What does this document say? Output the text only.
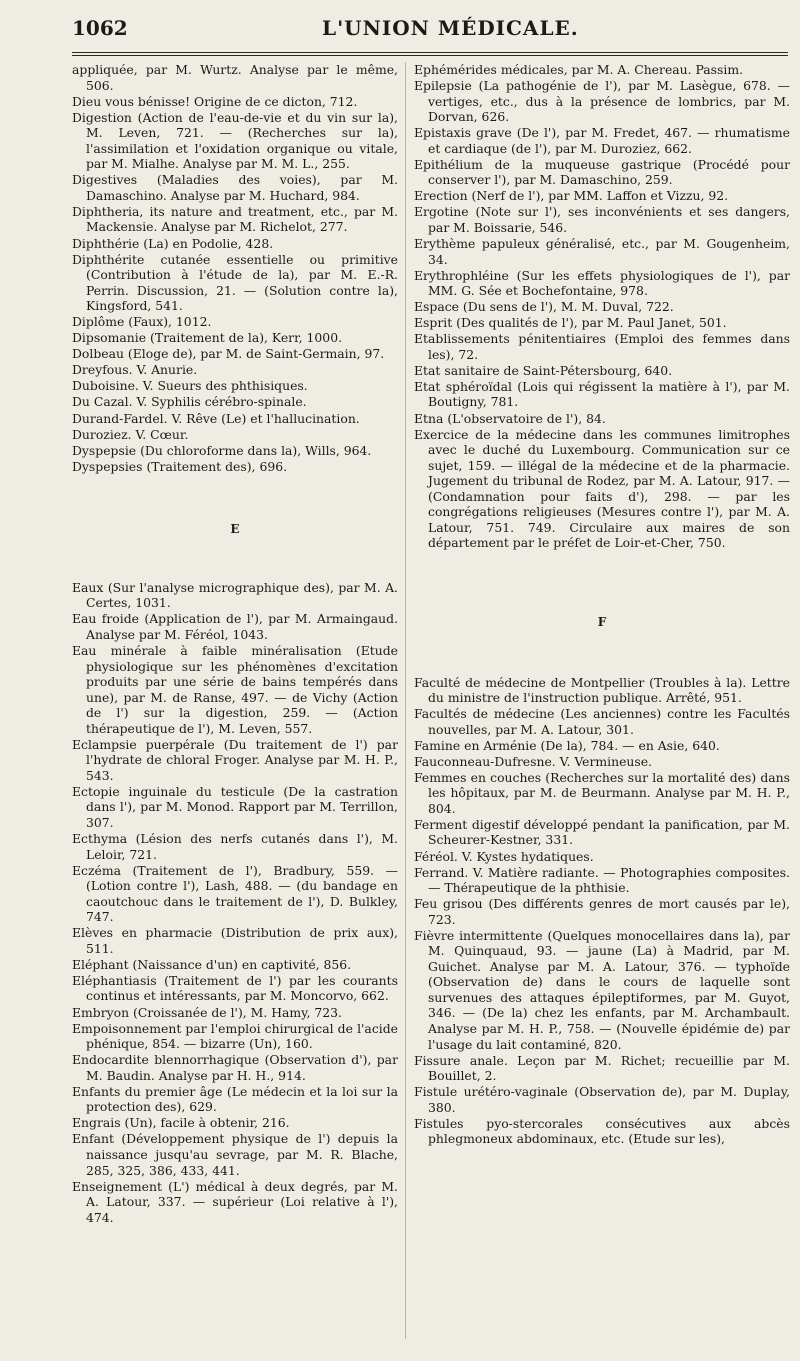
1062	L'UNION MÉDICALE.

appliquée, par M. Wurtz. Analyse par le même, 506.

Dieu vous bénisse! Origine de ce dicton, 712.

Digestion (Action de l'eau-de-vie et du vin sur la), M. Leven, 721. — (Recherches sur la), l'assimilation et l'oxidation organique ou vitale, par M. Mialhe. Analyse par M. M. L., 255.

Digestives (Maladies des voies), par M. Damaschino. Analyse par M. Huchard, 984.

Diphtheria, its nature and treatment, etc., par M. Mackensie. Analyse par M. Richelot, 277.

Diphthérie (La) en Podolie, 428.

Diphthérite cutanée essentielle ou primitive (Contribution à l'étude de la), par M. E.-R. Perrin. Discussion, 21. — (Solution contre la), Kingsford, 541.

Diplôme (Faux), 1012.

Dipsomanie (Traitement de la), Kerr, 1000.

Dolbeau (Eloge de), par M. de Saint-Germain, 97.

Dreyfous. V. Anurie.

Duboisine. V. Sueurs des phthisiques.

Du Cazal. V. Syphilis cérébro-spinale.

Durand-Fardel. V. Rêve (Le) et l'hallucination.

Duroziez. V. Cœur.

Dyspepsie (Du chloroforme dans la), Wills, 964.

Dyspepsies (Traitement des), 696.

E

Eaux (Sur l'analyse micrographique des), par M. A. Certes, 1031.

Eau froide (Application de l'), par M. Armaingaud. Analyse par M. Féréol, 1043.

Eau minérale à faible minéralisation (Etude physiologique sur les phénomènes d'excitation produits par une série de bains tempérés dans une), par M. de Ranse, 497. — de Vichy (Action de l') sur la digestion, 259. — (Action thérapeutique de l'), M. Leven, 557.

Eclampsie puerpérale (Du traitement de l') par l'hydrate de chloral Froger. Analyse par M. H. P., 543.

Ectopie inguinale du testicule (De la castration dans l'), par M. Monod. Rapport par M. Terrillon, 307.

Ecthyma (Lésion des nerfs cutanés dans l'), M. Leloir, 721.

Eczéma (Traitement de l'), Bradbury, 559. — (Lotion contre l'), Lash, 488. — (du bandage en caoutchouc dans le traitement de l'), D. Bulkley, 747.

Elèves en pharmacie (Distribution de prix aux), 511.

Eléphant (Naissance d'un) en captivité, 856.

Eléphantiasis (Traitement de l') par les courants continus et intéressants, par M. Moncorvo, 662.

Embryon (Croissanée de l'), M. Hamy, 723.

Empoisonnement par l'emploi chirurgical de l'acide phénique, 854. — bizarre (Un), 160.

Endocardite blennorrhagique (Observation d'), par M. Baudin. Analyse par H. H., 914.

Enfants du premier âge (Le médecin et la loi sur la protection des), 629.

Engrais (Un), facile à obtenir, 216.

Enfant (Développement physique de l') depuis la naissance jusqu'au sevrage, par M. R. Blache, 285, 325, 386, 433, 441.

Enseignement (L') médical à deux degrés, par M. A. Latour, 337. — supérieur (Loi relative à l'), 474.

Ephémérides médicales, par M. A. Chereau. Passim.

Epilepsie (La pathogénie de l'), par M. Lasègue, 678. — vertiges, etc., dus à la présence de lombrics, par M. Dorvan, 626.

Epistaxis grave (De l'), par M. Fredet, 467. — rhumatisme et cardiaque (de l'), par M. Duroziez, 662.

Epithélium de la muqueuse gastrique (Procédé pour conserver l'), par M. Damaschino, 259.

Erection (Nerf de l'), par MM. Laffon et Vizzu, 92.

Ergotine (Note sur l'), ses inconvénients et ses dangers, par M. Boissarie, 546.

Erythème papuleux généralisé, etc., par M. Gougenheim, 34.

Erythrophléine (Sur les effets physiologiques de l'), par MM. G. Sée et Bochefontaine, 978.

Espace (Du sens de l'), M. M. Duval, 722.

Esprit (Des qualités de l'), par M. Paul Janet, 501.

Etablissements pénitentiaires (Emploi des femmes dans les), 72.

Etat sanitaire de Saint-Pétersbourg, 640.

Etat sphéroïdal (Lois qui régissent la matière à l'), par M. Boutigny, 781.

Etna (L'observatoire de l'), 84.

Exercice de la médecine dans les communes limitrophes avec le duché du Luxembourg. Communication sur ce sujet, 159. — illégal de la médecine et de la pharmacie. Jugement du tribunal de Rodez, par M. A. Latour, 917. — (Condamnation pour faits d'), 298. — par les congrégations religieuses (Mesures contre l'), par M. A. Latour, 751. 749. Circulaire aux maires de son département par le préfet de Loir-et-Cher, 750.

F

Faculté de médecine de Montpellier (Troubles à la). Lettre du ministre de l'instruction publique. Arrêté, 951.

Facultés de médecine (Les anciennes) contre les Facultés nouvelles, par M. A. Latour, 301.

Famine en Arménie (De la), 784. — en Asie, 640.

Fauconneau-Dufresne. V. Vermineuse.

Femmes en couches (Recherches sur la mortalité des) dans les hôpitaux, par M. de Beurmann. Analyse par M. H. P., 804.

Ferment digestif développé pendant la panification, par M. Scheurer-Kestner, 331.

Féréol. V. Kystes hydatiques.

Ferrand. V. Matière radiante. — Photographies composites. — Thérapeutique de la phthisie.

Feu grisou (Des différents genres de mort causés par le), 723.

Fièvre intermittente (Quelques monocellaires dans la), par M. Quinquaud, 93. — jaune (La) à Madrid, par M. Guichet. Analyse par M. A. Latour, 376. — typhoïde (Observation de) dans le cours de laquelle sont survenues des attaques épileptiformes, par M. Guyot, 346. — (De la) chez les enfants, par M. Archambault. Analyse par M. H. P., 758. — (Nouvelle épidémie de) par l'usage du lait contaminé, 820.

Fissure anale. Leçon par M. Richet; recueillie par M. Bouillet, 2.

Fistule urétéro-vaginale (Observation de), par M. Duplay, 380.

Fistules pyo-stercorales consécutives aux abcès phlegmoneux abdominaux, etc. (Etude sur les),
